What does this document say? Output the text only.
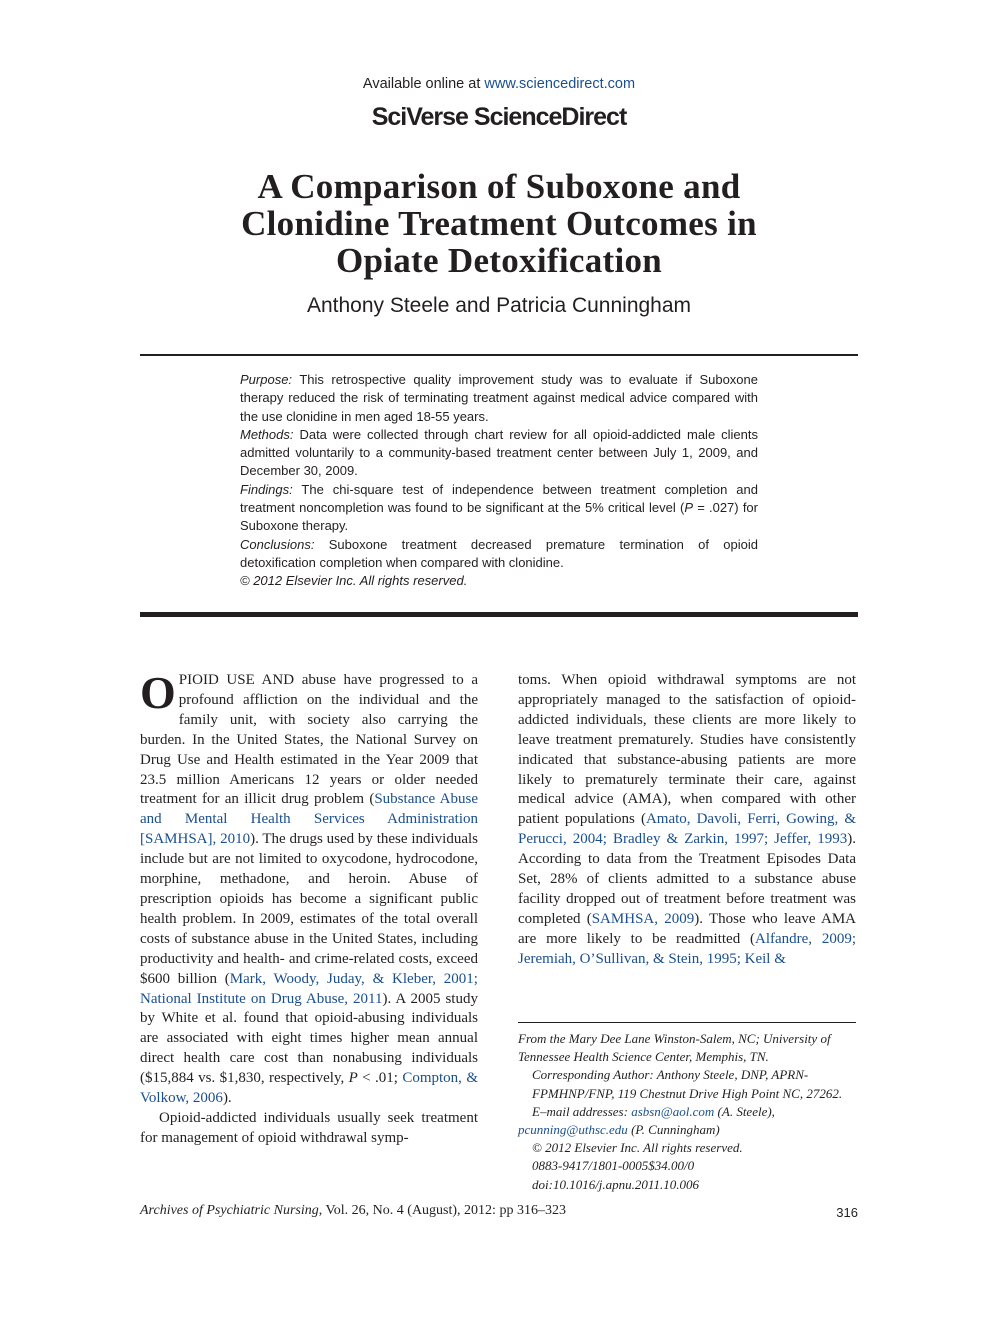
Available online at www.sciencedirect.com
SciVerse ScienceDirect
A Comparison of Suboxone and
Clonidine Treatment Outcomes in
Opiate Detoxification
Anthony Steele and Patricia Cunningham

Purpose: This retrospective quality improvement study was to evaluate if Suboxone therapy reduced the risk of terminating treatment against medical advice compared with the use clonidine in men aged 18-55 years.

Methods: Data were collected through chart review for all opioid-addicted male clients admitted voluntarily to a community-based treatment center between July 1, 2009, and December 30, 2009.

Findings: The chi-square test of independence between treatment completion and treatment noncompletion was found to be significant at the 5% critical level (P = .027) for Suboxone therapy.

Conclusions: Suboxone treatment decreased premature termination of opioid detoxification completion when compared with clonidine.

© 2012 Elsevier Inc. All rights reserved.

OPIOID USE AND abuse have progressed to a profound affliction on the individual and the family unit, with society also carrying the burden. In the United States, the National Survey on Drug Use and Health estimated in the Year 2009 that 23.5 million Americans 12 years or older needed treatment for an illicit drug problem (Substance Abuse and Mental Health Services Administration [SAMHSA], 2010). The drugs used by these individuals include but are not limited to oxycodone, hydrocodone, morphine, methadone, and heroin. Abuse of prescription opioids has become a significant public health problem. In 2009, estimates of the total overall costs of substance abuse in the United States, including productivity and health- and crime-related costs, exceed $600 billion (Mark, Woody, Juday, & Kleber, 2001; National Institute on Drug Abuse, 2011). A 2005 study by White et al. found that opioid-abusing individuals are associated with eight times higher mean annual direct health care cost than nonabusing individuals ($15,884 vs. $1,830, respectively, P < .01; Compton, & Volkow, 2006).

Opioid-addicted individuals usually seek treatment for management of opioid withdrawal symp-

toms. When opioid withdrawal symptoms are not appropriately managed to the satisfaction of opioid-addicted individuals, these clients are more likely to leave treatment prematurely. Studies have consistently indicated that substance-abusing patients are more likely to prematurely terminate their care, against medical advice (AMA), when compared with other patient populations (Amato, Davoli, Ferri, Gowing, & Perucci, 2004; Bradley & Zarkin, 1997; Jeffer, 1993). According to data from the Treatment Episodes Data Set, 28% of clients admitted to a substance abuse facility dropped out of treatment before treatment was completed (SAMHSA, 2009). Those who leave AMA are more likely to be readmitted (Alfandre, 2009; Jeremiah, O’Sullivan, & Stein, 1995; Keil &

From the Mary Dee Lane Winston-Salem, NC; University of Tennessee Health Science Center, Memphis, TN.

Corresponding Author: Anthony Steele, DNP, APRN-FPMHNP/FNP, 119 Chestnut Drive High Point NC, 27262.

E–mail addresses: asbsn@aol.com (A. Steele),

pcunning@uthsc.edu (P. Cunningham)

© 2012 Elsevier Inc. All rights reserved.

0883-9417/1801-0005$34.00/0

doi:10.1016/j.apnu.2011.10.006

Archives of Psychiatric Nursing, Vol. 26, No. 4 (August), 2012: pp 316–323	316
